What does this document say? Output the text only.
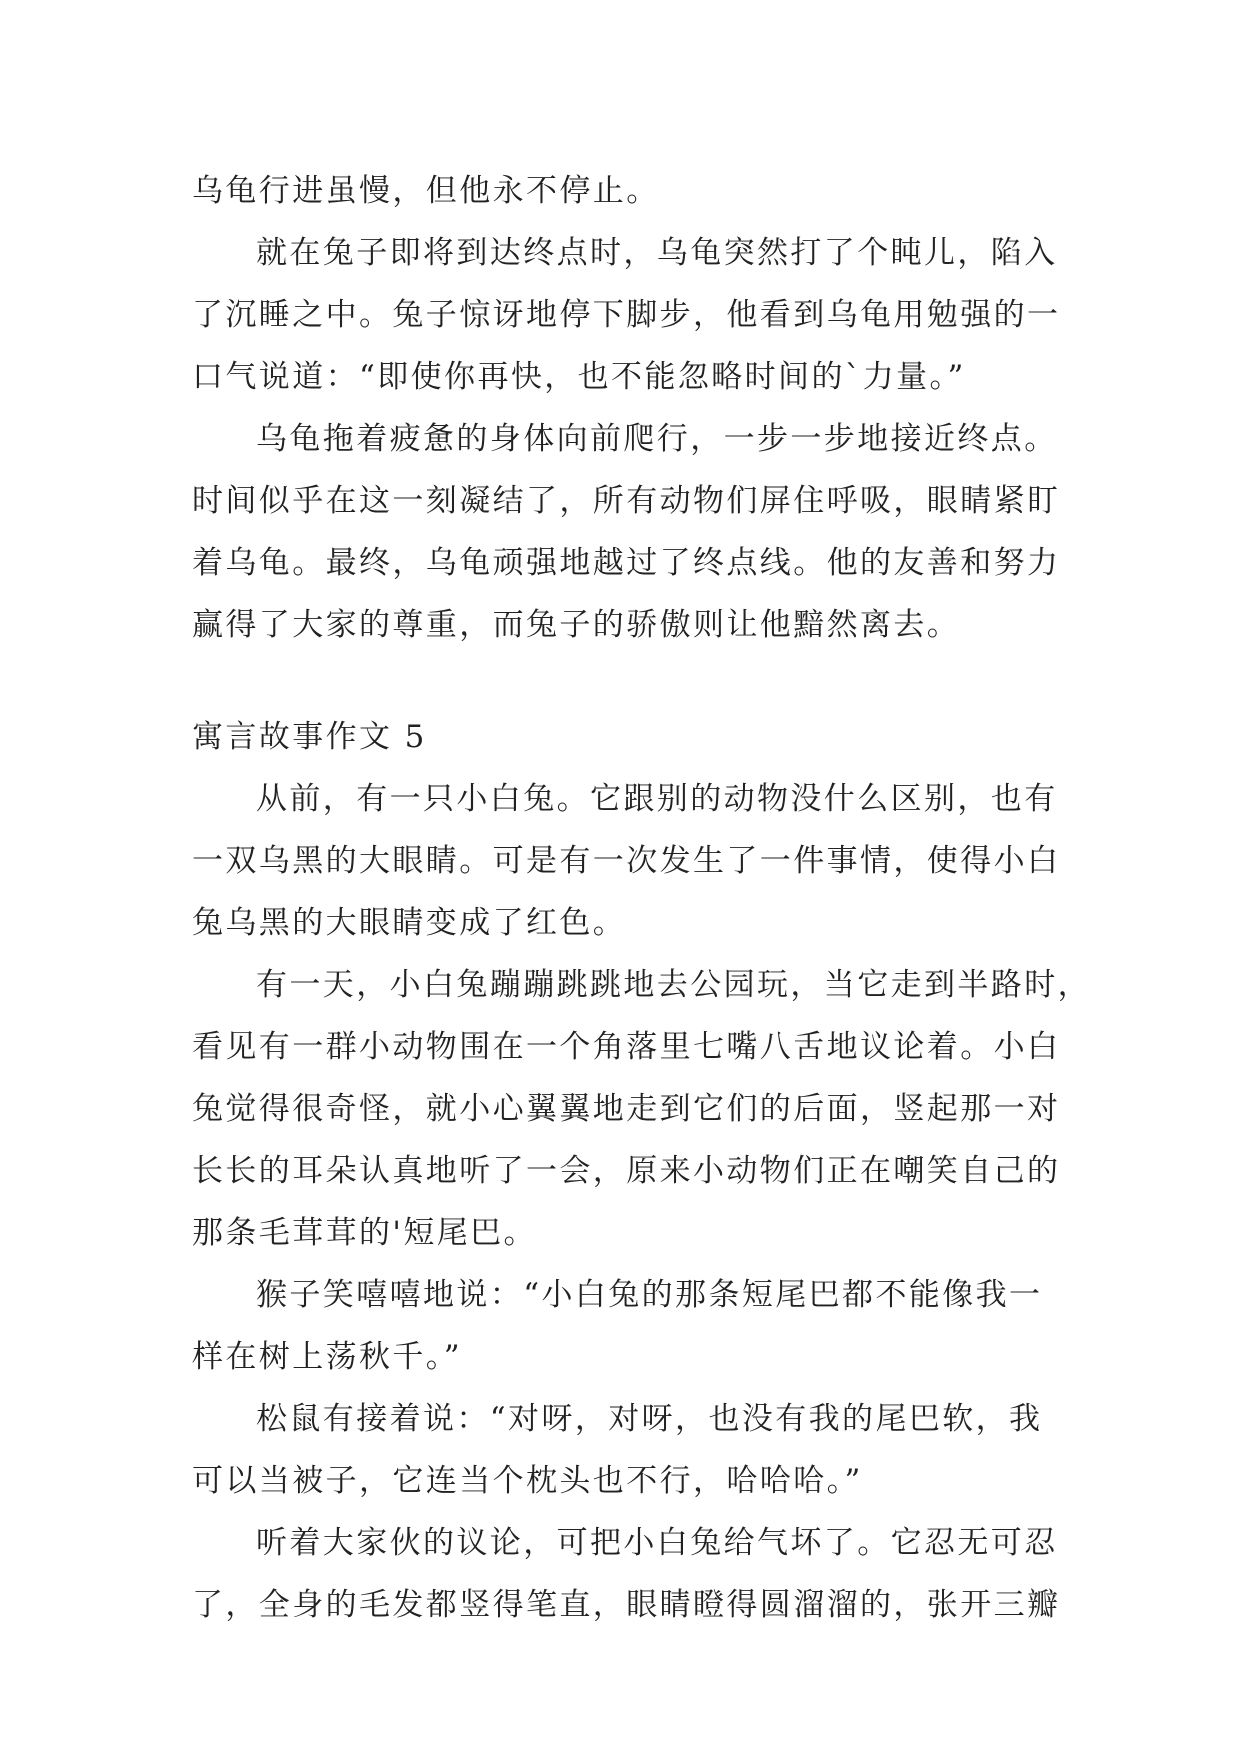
乌龟行进虽慢，但他永不停止。
就在兔子即将到达终点时，乌龟突然打了个盹儿，陷入
了沉睡之中。兔子惊讶地停下脚步，他看到乌龟用勉强的一
口气说道：“即使你再快，也不能忽略时间的`力量。”
乌龟拖着疲惫的身体向前爬行，一步一步地接近终点。
时间似乎在这一刻凝结了，所有动物们屏住呼吸，眼睛紧盯
着乌龟。最终，乌龟顽强地越过了终点线。他的友善和努力
赢得了大家的尊重，而兔子的骄傲则让他黯然离去。
寓言故事作文 5
从前，有一只小白兔。它跟别的动物没什么区别，也有
一双乌黑的大眼睛。可是有一次发生了一件事情，使得小白
兔乌黑的大眼睛变成了红色。
有一天，小白兔蹦蹦跳跳地去公园玩，当它走到半路时，
看见有一群小动物围在一个角落里七嘴八舌地议论着。小白
兔觉得很奇怪，就小心翼翼地走到它们的后面，竖起那一对
长长的耳朵认真地听了一会，原来小动物们正在嘲笑自己的
那条毛茸茸的'短尾巴。
猴子笑嘻嘻地说：“小白兔的那条短尾巴都不能像我一
样在树上荡秋千。”
松鼠有接着说：“对呀，对呀，也没有我的尾巴软，我
可以当被子，它连当个枕头也不行，哈哈哈。”
听着大家伙的议论，可把小白兔给气坏了。它忍无可忍
了，全身的毛发都竖得笔直，眼睛瞪得圆溜溜的，张开三瓣
